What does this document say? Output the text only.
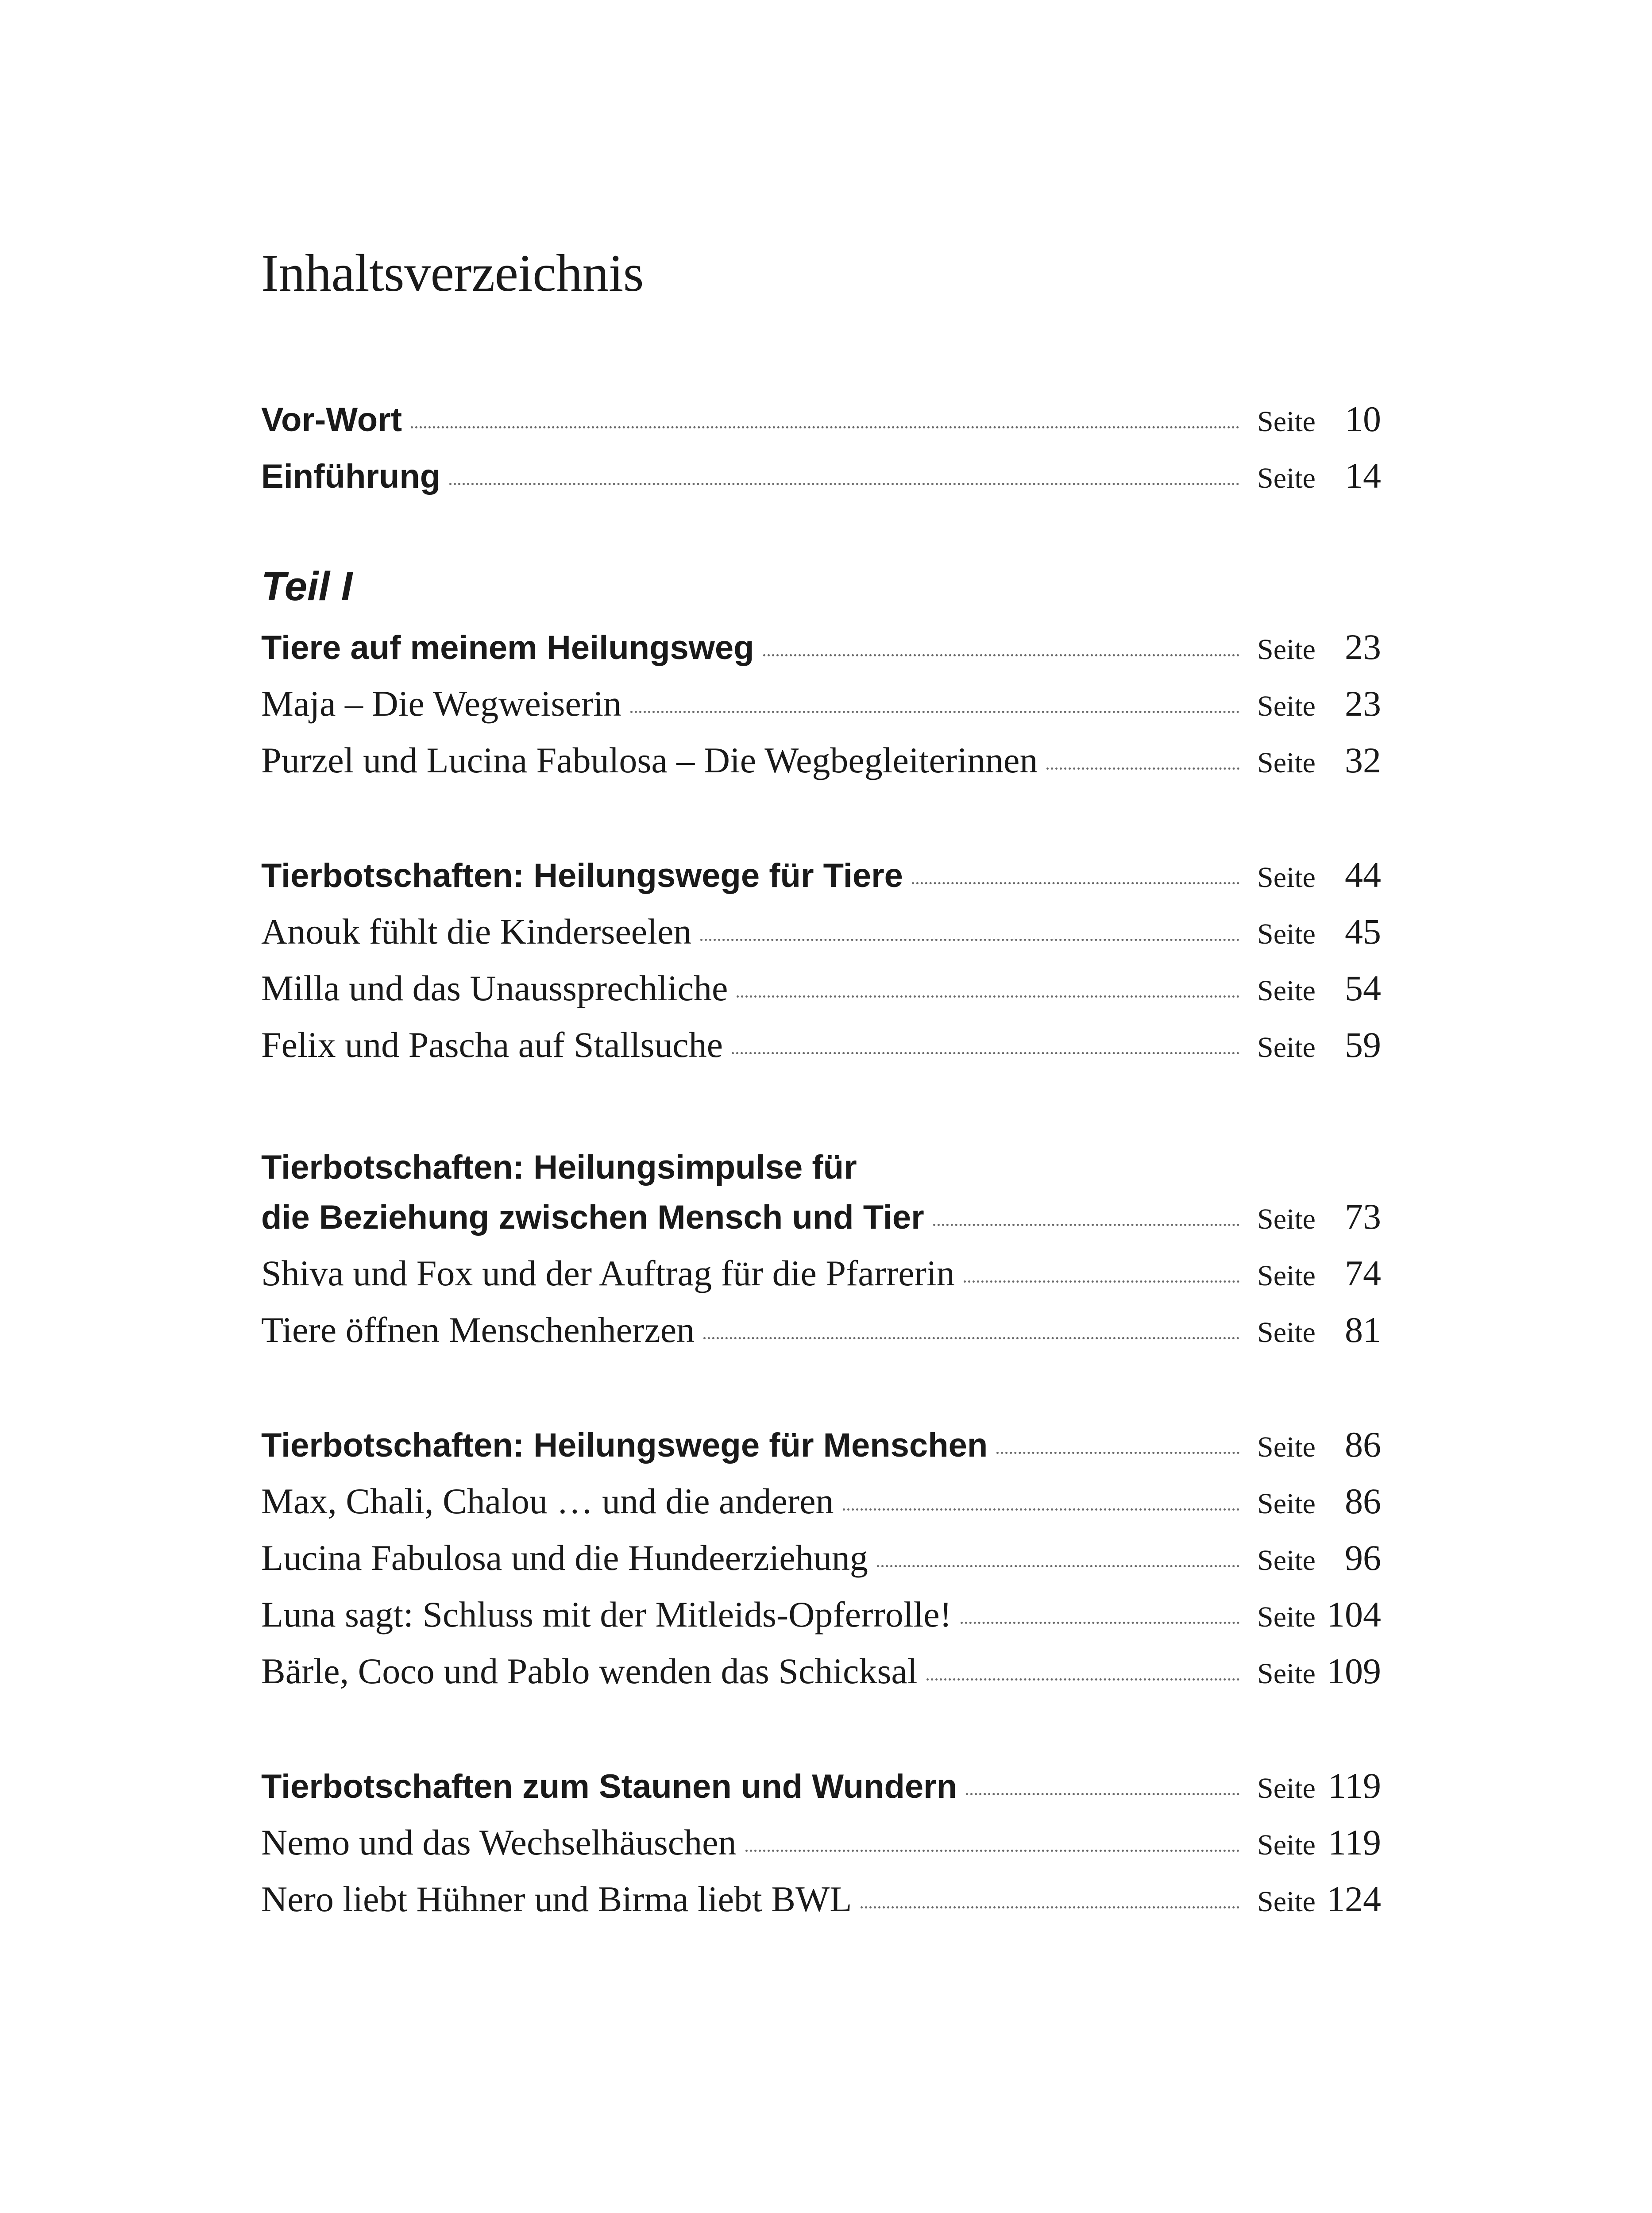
Inhaltsverzeichnis
Vor-Wort	Seite 10
Einführung	Seite 14
Teil I
Tiere auf meinem Heilungsweg	Seite 23
Maja – Die Wegweiserin	Seite 23
Purzel und Lucina Fabulosa – Die Wegbegleiterinnen	Seite 32
Tierbotschaften: Heilungswege für Tiere	Seite 44
Anouk fühlt die Kinderseelen	Seite 45
Milla und das Unaussprechliche	Seite 54
Felix und Pascha auf Stallsuche	Seite 59
Tierbotschaften: Heilungsimpulse für
die Beziehung zwischen Mensch und Tier	Seite 73
Shiva und Fox und der Auftrag für die Pfarrerin	Seite 74
Tiere öffnen Menschenherzen	Seite 81
Tierbotschaften: Heilungswege für Menschen	Seite 86
Max, Chali, Chalou … und die anderen	Seite 86
Lucina Fabulosa und die Hundeerziehung	Seite 96
Luna sagt: Schluss mit der Mitleids-Opferrolle!	Seite 104
Bärle, Coco und Pablo wenden das Schicksal	Seite 109
Tierbotschaften zum Staunen und Wundern	Seite 119
Nemo und das Wechselhäuschen	Seite 119
Nero liebt Hühner und Birma liebt BWL	Seite 124
